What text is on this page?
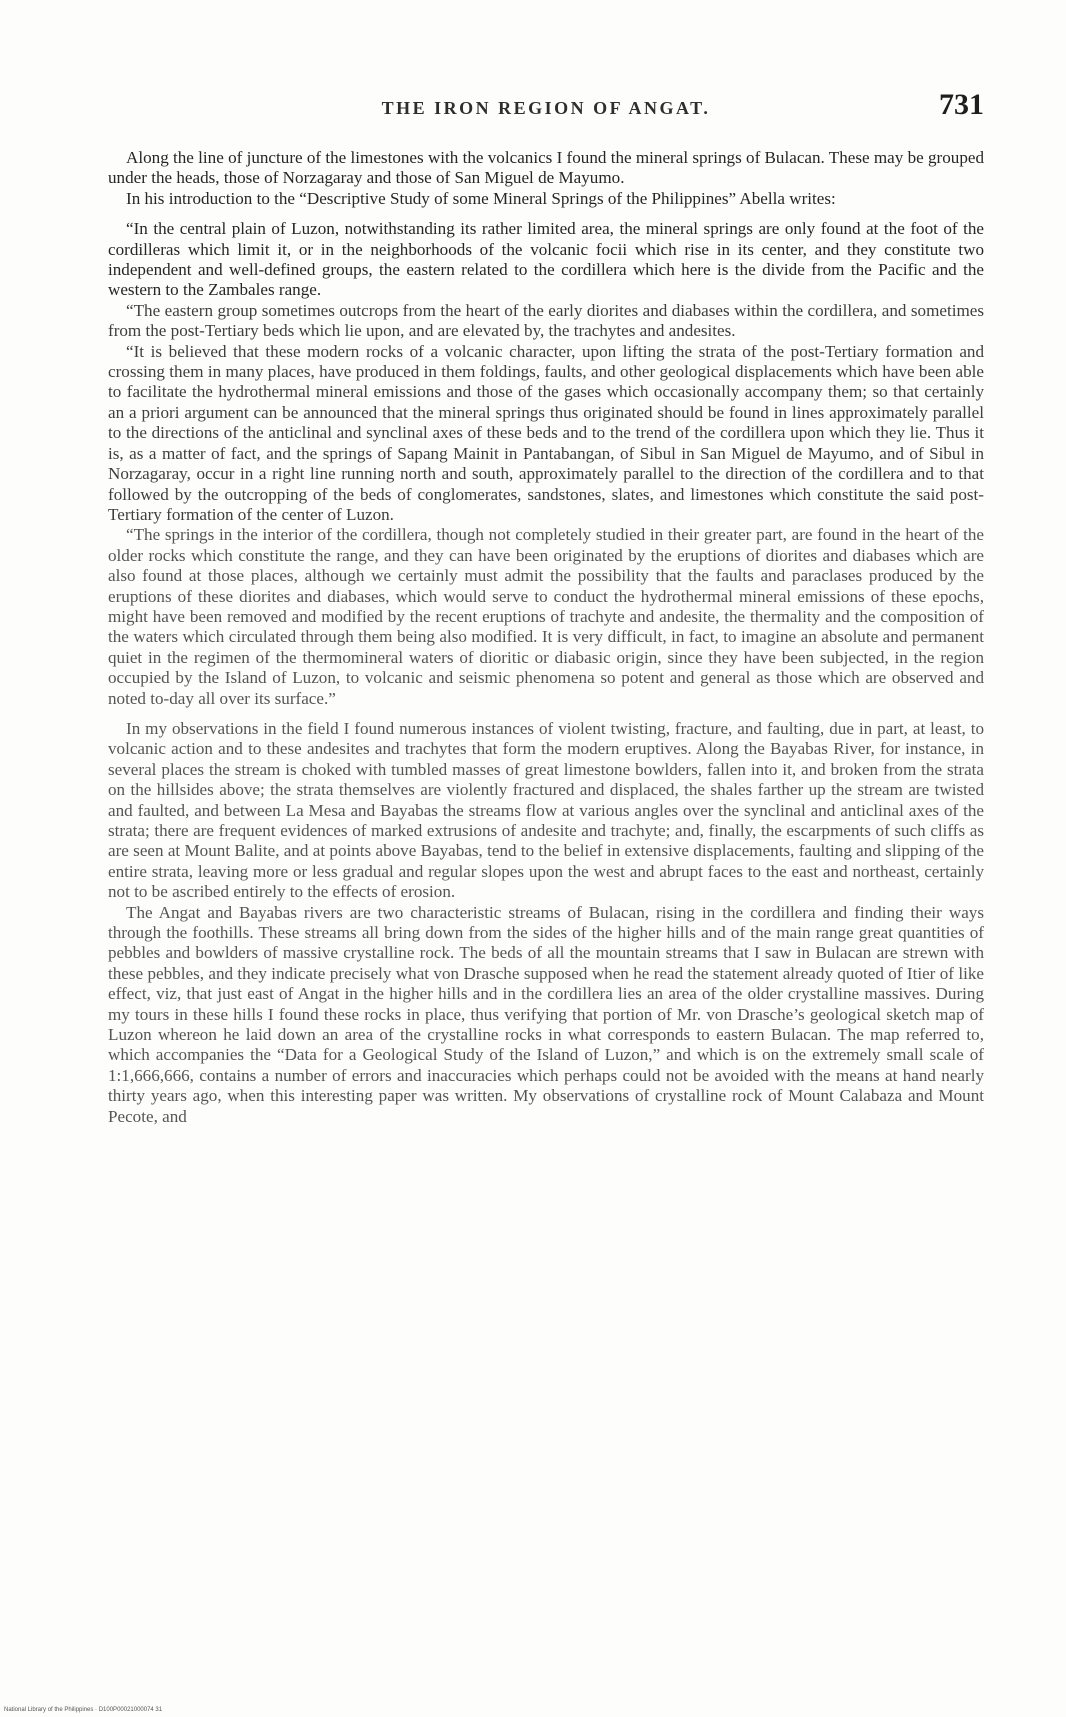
THE IRON REGION OF ANGAT.	731

Along the line of juncture of the limestones with the volcanics I found the mineral springs of Bulacan. These may be grouped under the heads, those of Norzagaray and those of San Miguel de Mayumo.

In his introduction to the “Descriptive Study of some Mineral Springs of the Philippines” Abella writes:

“In the central plain of Luzon, notwithstanding its rather limited area, the mineral springs are only found at the foot of the cordilleras which limit it, or in the neighborhoods of the volcanic focii which rise in its center, and they constitute two independent and well-defined groups, the eastern related to the cordillera which here is the divide from the Pacific and the western to the Zambales range.

“The eastern group sometimes outcrops from the heart of the early diorites and diabases within the cordillera, and sometimes from the post-Tertiary beds which lie upon, and are elevated by, the trachytes and andesites.

“It is believed that these modern rocks of a volcanic character, upon lifting the strata of the post-Tertiary formation and crossing them in many places, have produced in them foldings, faults, and other geological displacements which have been able to facilitate the hydrothermal mineral emissions and those of the gases which occasionally accompany them; so that certainly an a priori argument can be announced that the mineral springs thus originated should be found in lines approximately parallel to the directions of the anticlinal and synclinal axes of these beds and to the trend of the cordillera upon which they lie. Thus it is, as a matter of fact, and the springs of Sapang Mainit in Pantabangan, of Sibul in San Miguel de Mayumo, and of Sibul in Norzagaray, occur in a right line running north and south, approximately parallel to the direction of the cordillera and to that followed by the outcropping of the beds of conglomerates, sandstones, slates, and limestones which constitute the said post-Tertiary formation of the center of Luzon.

“The springs in the interior of the cordillera, though not completely studied in their greater part, are found in the heart of the older rocks which constitute the range, and they can have been originated by the eruptions of diorites and diabases which are also found at those places, although we certainly must admit the possibility that the faults and paraclases produced by the eruptions of these diorites and diabases, which would serve to conduct the hydrothermal mineral emissions of these epochs, might have been removed and modified by the recent eruptions of trachyte and andesite, the thermality and the composition of the waters which circulated through them being also modified. It is very difficult, in fact, to imagine an absolute and permanent quiet in the regimen of the thermomineral waters of dioritic or diabasic origin, since they have been subjected, in the region occupied by the Island of Luzon, to volcanic and seismic phenomena so potent and general as those which are observed and noted to-day all over its surface.”

In my observations in the field I found numerous instances of violent twisting, fracture, and faulting, due in part, at least, to volcanic action and to these andesites and trachytes that form the modern eruptives. Along the Bayabas River, for instance, in several places the stream is choked with tumbled masses of great limestone bowlders, fallen into it, and broken from the strata on the hillsides above; the strata themselves are violently fractured and displaced, the shales farther up the stream are twisted and faulted, and between La Mesa and Bayabas the streams flow at various angles over the synclinal and anticlinal axes of the strata; there are frequent evidences of marked extrusions of andesite and trachyte; and, finally, the escarpments of such cliffs as are seen at Mount Balite, and at points above Bayabas, tend to the belief in extensive displacements, faulting and slipping of the entire strata, leaving more or less gradual and regular slopes upon the west and abrupt faces to the east and northeast, certainly not to be ascribed entirely to the effects of erosion.

The Angat and Bayabas rivers are two characteristic streams of Bulacan, rising in the cordillera and finding their ways through the foothills. These streams all bring down from the sides of the higher hills and of the main range great quantities of pebbles and bowlders of massive crystalline rock. The beds of all the mountain streams that I saw in Bulacan are strewn with these pebbles, and they indicate precisely what von Drasche supposed when he read the statement already quoted of Itier of like effect, viz, that just east of Angat in the higher hills and in the cordillera lies an area of the older crystalline massives. During my tours in these hills I found these rocks in place, thus verifying that portion of Mr. von Drasche’s geological sketch map of Luzon whereon he laid down an area of the crystalline rocks in what corresponds to eastern Bulacan. The map referred to, which accompanies the “Data for a Geological Study of the Island of Luzon,” and which is on the extremely small scale of 1:1,666,666, contains a number of errors and inaccuracies which perhaps could not be avoided with the means at hand nearly thirty years ago, when this interesting paper was written. My observations of crystalline rock of Mount Calabaza and Mount Pecote, and

National Library of the Philippines · D100P00021000074 31
